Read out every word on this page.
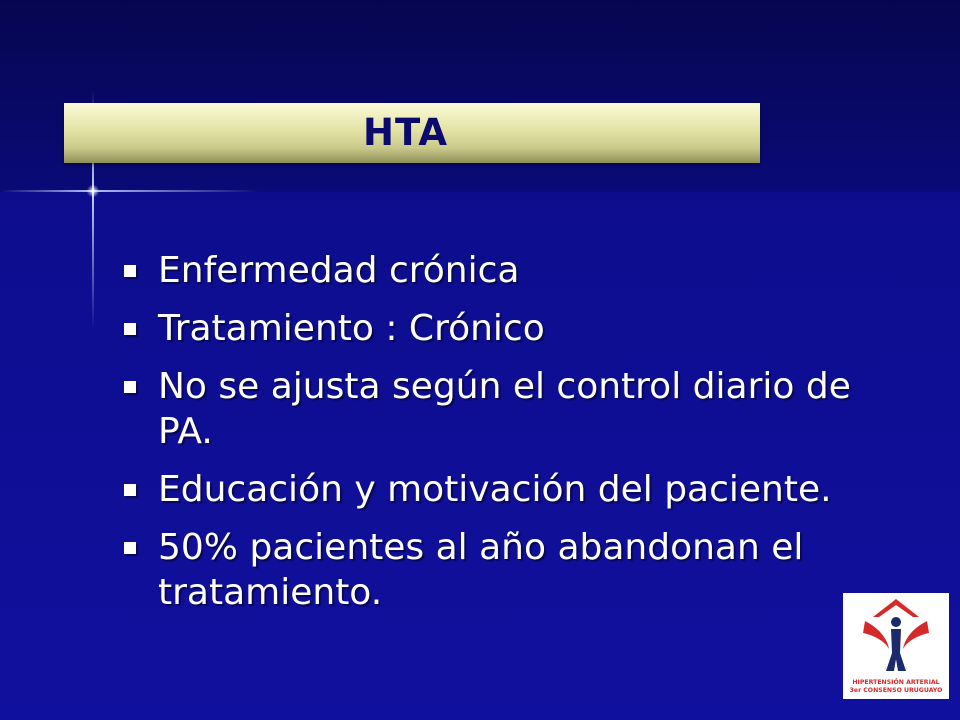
HTA
Enfermedad crónica
Tratamiento : Crónico
No se ajusta según el control diario de PA.
Educación y motivación del paciente.
50% pacientes al año abandonan el tratamiento.
HIPERTENSIÓN ARTERIAL
3er CONSENSO URUGUAYO
